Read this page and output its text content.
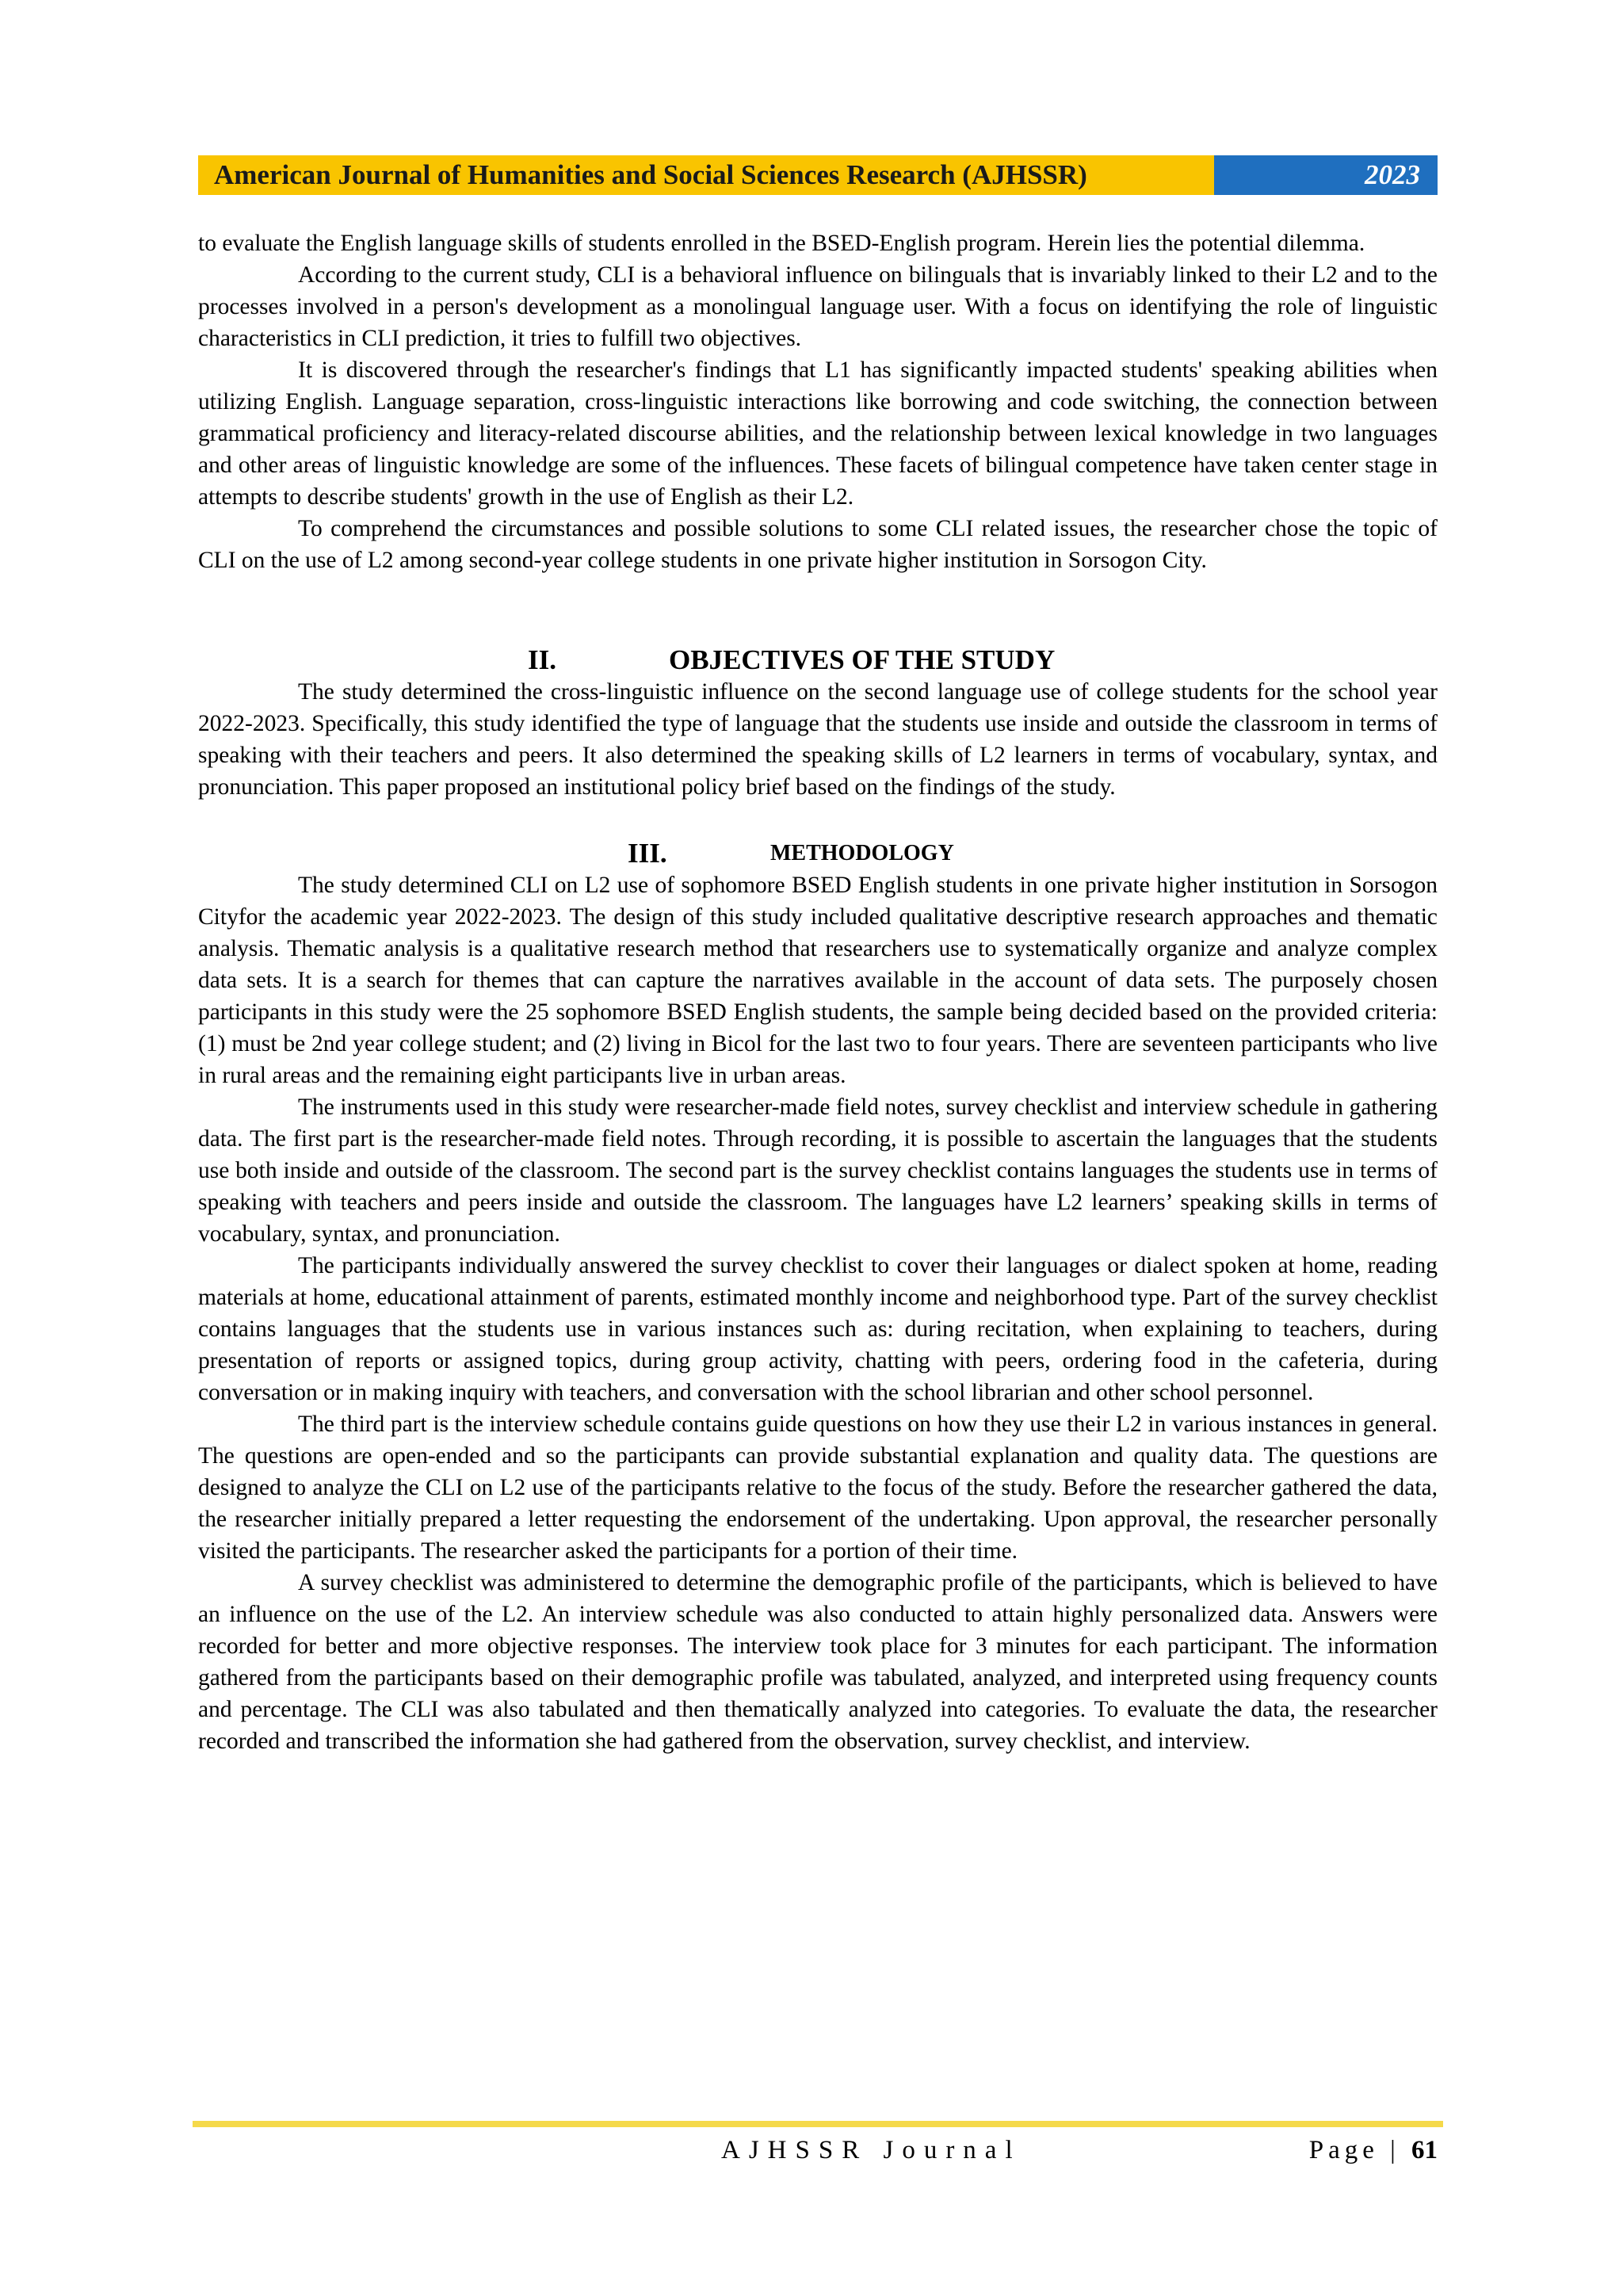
American Journal of Humanities and Social Sciences Research (AJHSSR)	2023

to evaluate the English language skills of students enrolled in the BSED-English program. Herein lies the potential dilemma.

According to the current study, CLI is a behavioral influence on bilinguals that is invariably linked to their L2 and to the processes involved in a person's development as a monolingual language user. With a focus on identifying the role of linguistic characteristics in CLI prediction, it tries to fulfill two objectives.

It is discovered through the researcher's findings that L1 has significantly impacted students' speaking abilities when utilizing English. Language separation, cross-linguistic interactions like borrowing and code switching, the connection between grammatical proficiency and literacy-related discourse abilities, and the relationship between lexical knowledge in two languages and other areas of linguistic knowledge are some of the influences. These facets of bilingual competence have taken center stage in attempts to describe students' growth in the use of English as their L2.

To comprehend the circumstances and possible solutions to some CLI related issues, the researcher chose the topic of CLI on the use of L2 among second-year college students in one private higher institution in Sorsogon City.

II.	OBJECTIVES OF THE STUDY

The study determined the cross-linguistic influence on the second language use of college students for the school year 2022-2023. Specifically, this study identified the type of language that the students use inside and outside the classroom in terms of speaking with their teachers and peers. It also determined the speaking skills of L2 learners in terms of vocabulary, syntax, and pronunciation. This paper proposed an institutional policy brief based on the findings of the study.

III.	METHODOLOGY

The study determined CLI on L2 use of sophomore BSED English students in one private higher institution in Sorsogon Cityfor the academic year 2022-2023. The design of this study included qualitative descriptive research approaches and thematic analysis. Thematic analysis is a qualitative research method that researchers use to systematically organize and analyze complex data sets. It is a search for themes that can capture the narratives available in the account of data sets. The purposely chosen participants in this study were the 25 sophomore BSED English students, the sample being decided based on the provided criteria: (1) must be 2nd year college student; and (2) living in Bicol for the last two to four years. There are seventeen participants who live in rural areas and the remaining eight participants live in urban areas.

The instruments used in this study were researcher-made field notes, survey checklist and interview schedule in gathering data. The first part is the researcher-made field notes. Through recording, it is possible to ascertain the languages that the students use both inside and outside of the classroom. The second part is the survey checklist contains languages the students use in terms of speaking with teachers and peers inside and outside the classroom. The languages have L2 learners’ speaking skills in terms of vocabulary, syntax, and pronunciation.

The participants individually answered the survey checklist to cover their languages or dialect spoken at home, reading materials at home, educational attainment of parents, estimated monthly income and neighborhood type. Part of the survey checklist contains languages that the students use in various instances such as: during recitation, when explaining to teachers, during presentation of reports or assigned topics, during group activity, chatting with peers, ordering food in the cafeteria, during conversation or in making inquiry with teachers, and conversation with the school librarian and other school personnel.

The third part is the interview schedule contains guide questions on how they use their L2 in various instances in general. The questions are open-ended and so the participants can provide substantial explanation and quality data. The questions are designed to analyze the CLI on L2 use of the participants relative to the focus of the study. Before the researcher gathered the data, the researcher initially prepared a letter requesting the endorsement of the undertaking. Upon approval, the researcher personally visited the participants. The researcher asked the participants for a portion of their time.

A survey checklist was administered to determine the demographic profile of the participants, which is believed to have an influence on the use of the L2. An interview schedule was also conducted to attain highly personalized data. Answers were recorded for better and more objective responses. The interview took place for 3 minutes for each participant. The information gathered from the participants based on their demographic profile was tabulated, analyzed, and interpreted using frequency counts and percentage. The CLI was also tabulated and then thematically analyzed into categories. To evaluate the data, the researcher recorded and transcribed the information she had gathered from the observation, survey checklist, and interview.

AJHSSR Journal	Page | 61
